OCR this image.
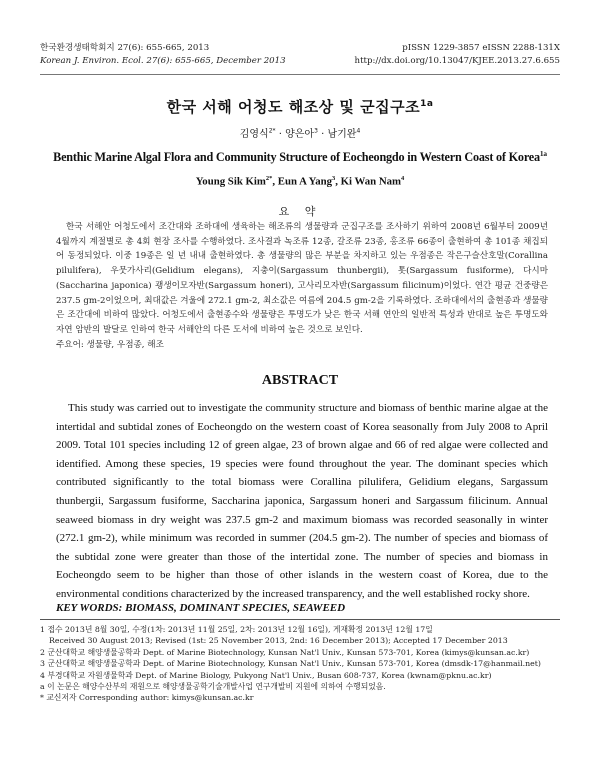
한국환경생태학회지 27(6): 655-665, 2013
Korean J. Environ. Ecol. 27(6): 655-665, December 2013
pISSN 1229-3857 eISSN 2288-131X
http://dx.doi.org/10.13047/KJEE.2013.27.6.655
한국 서해 어청도 해조상 및 군집구조$^{1a}$
김영식$^{2*}$ · 양은아$^3$ · 남기완$^4$
Benthic Marine Algal Flora and Community Structure of Eocheongdo in Western Coast of Korea$^{1a}$
Young Sik Kim$^{2*}$, Eun A Yang$^3$, Ki Wan Nam$^4$
요 약
한국 서해안 어청도에서 조간대와 조하대에 생육하는 해조류의 생물량과 군집구조를 조사하기 위하여 2008년 6월부터 2009년 4월까지 계절별로 총 4회 현장 조사를 수행하였다. 조사결과 녹조류 12종, 갈조류 23종, 홍조류 66종이 출현하여 총 101종 채집되어 동정되었다. 이중 19종은 일 년 내내 출현하였다. 총 생물량의 많은 부분을 차지하고 있는 우점종은 작은구슬산호말(Corallina pilulifera), 우뭇가사리(Gelidium elegans), 지충이(Sargassum thunbergii), 톳(Sargassum fusiforme), 다시마(Saccharina japonica) 괭생이모자반(Sargassum honeri), 고사리모자반(Sargassum filicinum)이었다. 연간 평균 건중량은 237.5 gm-2이었으며, 최대값은 겨울에 272.1 gm-2, 최소값은 여름에 204.5 gm-2을 기록하였다. 조하대에서의 출현종과 생물량은 조간대에 비하여 많았다. 어청도에서 출현종수와 생물량은 투명도가 낮은 한국 서해 연안의 일반적 특성과 반대로 높은 투명도와 자연 암반의 발달로 인하여 한국 서해안의 다른 도서에 비하여 높은 것으로 보인다.
주요어: 생물량, 우점종, 해조
ABSTRACT
This study was carried out to investigate the community structure and biomass of benthic marine algae at the intertidal and subtidal zones of Eocheongdo on the western coast of Korea seasonally from July 2008 to April 2009. Total 101 species including 12 of green algae, 23 of brown algae and 66 of red algae were collected and identified. Among these species, 19 species were found throughout the year. The dominant species which contributed significantly to the total biomass were Corallina pilulifera, Gelidium elegans, Sargassum thunbergii, Sargassum fusiforme, Saccharina japonica, Sargassum honeri and Sargassum filicinum. Annual seaweed biomass in dry weight was 237.5 gm-2 and maximum biomass was recorded seasonally in winter (272.1 gm-2), while minimum was recorded in summer (204.5 gm-2). The number of species and biomass of the subtidal zone were greater than those of the intertidal zone. The number of species and biomass in Eocheongdo seem to be higher than those of other islands in the western coast of Korea, due to the environmental conditions characterized by the increased transparency, and the well established rocky shore.
KEY WORDS: BIOMASS, DOMINANT SPECIES, SEAWEED
1 접수 2013년 8월 30일, 수정(1차: 2013년 11월 25일, 2차: 2013년 12월 16일), 게재확정 2013년 12월 17일
Received 30 August 2013; Revised (1st: 25 November 2013, 2nd: 16 December 2013); Accepted 17 December 2013
2 군산대학교 해양생물공학과 Dept. of Marine Biotechnology, Kunsan Nat'l Univ., Kunsan 573-701, Korea (kimys@kunsan.ac.kr)
3 군산대학교 해양생물공학과 Dept. of Marine Biotechnology, Kunsan Nat'l Univ., Kunsan 573-701, Korea (dmsdk-17@hanmail.net)
4 부경대학교 자원생물학과 Dept. of Marine Biology, Pukyong Nat'l Univ., Busan 608-737, Korea (kwnam@pknu.ac.kr)
a 이 논문은 해양수산부의 재원으로 해양생물공학기술개발사업 연구개발비 지원에 의하여 수행되었음.
* 교신저자 Corresponding author: kimys@kunsan.ac.kr
